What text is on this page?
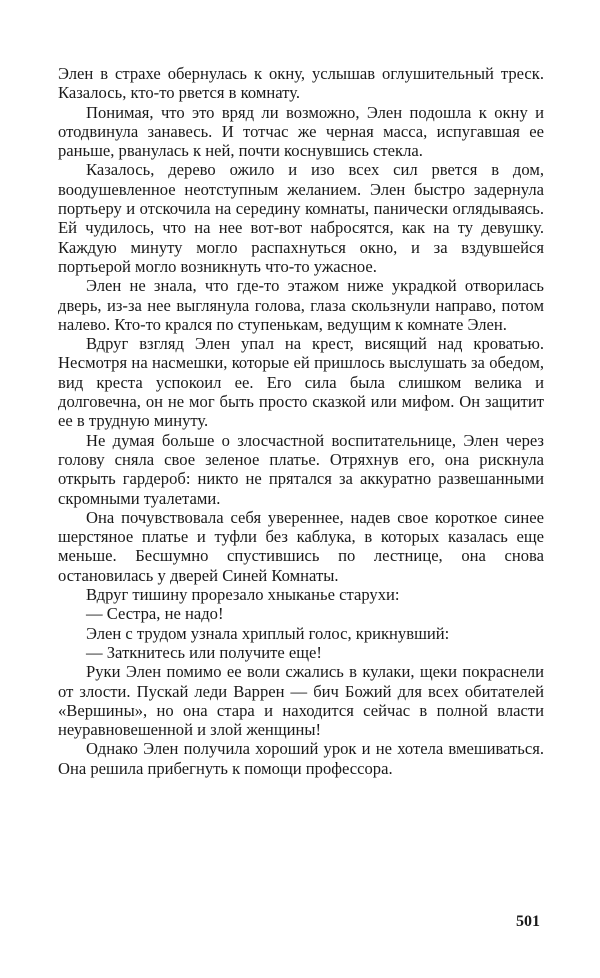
Элен в страхе обернулась к окну, услышав оглушительный треск. Казалось, кто-то рвется в комнату.

Понимая, что это вряд ли возможно, Элен подошла к окну и отодвинула занавесь. И тотчас же черная масса, испугавшая ее раньше, рванулась к ней, почти коснувшись стекла.

Казалось, дерево ожило и изо всех сил рвется в дом, воодушевленное неотступным желанием. Элен быстро задернула портьеру и отскочила на середину комнаты, панически оглядываясь. Ей чудилось, что на нее вот-вот набросятся, как на ту девушку. Каждую минуту могло распахнуться окно, и за вздувшейся портьерой могло возникнуть что-то ужасное.

Элен не знала, что где-то этажом ниже украдкой отворилась дверь, из-за нее выглянула голова, глаза скользнули направо, потом налево. Кто-то крался по ступенькам, ведущим к комнате Элен.

Вдруг взгляд Элен упал на крест, висящий над кроватью. Несмотря на насмешки, которые ей пришлось выслушать за обедом, вид креста успокоил ее. Его сила была слишком велика и долговечна, он не мог быть просто сказкой или мифом. Он защитит ее в трудную минуту.

Не думая больше о злосчастной воспитательнице, Элен через голову сняла свое зеленое платье. Отряхнув его, она рискнула открыть гардероб: никто не прятался за аккуратно развешанными скромными туалетами.

Она почувствовала себя увереннее, надев свое короткое синее шерстяное платье и туфли без каблука, в которых казалась еще меньше. Бесшумно спустившись по лестнице, она снова остановилась у дверей Синей Комнаты.

Вдруг тишину прорезало хныканье старухи:

— Сестра, не надо!

Элен с трудом узнала хриплый голос, крикнувший:

— Заткнитесь или получите еще!

Руки Элен помимо ее воли сжались в кулаки, щеки покраснели от злости. Пускай леди Варрен — бич Божий для всех обитателей «Вершины», но она стара и находится сейчас в полной власти неуравновешенной и злой женщины!

Однако Элен получила хороший урок и не хотела вмешиваться. Она решила прибегнуть к помощи профессора.

501
